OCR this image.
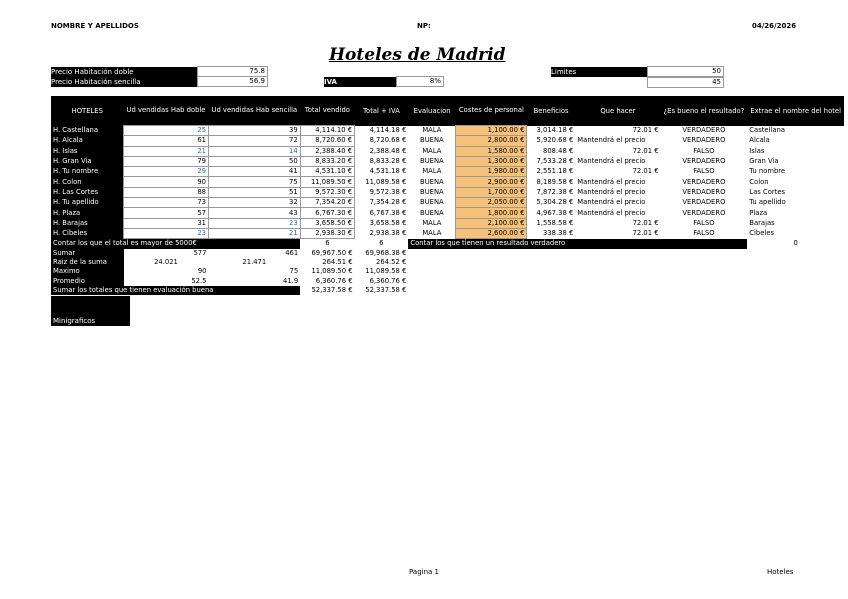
NOMBRE Y APELLIDOS	NP:	04/26/2026
Hoteles de Madrid
Precio Habitación doble	75.8
Precio Habitación sencilla	56.9	IVA	8%
Limites	50
45
HOTELES	Ud vendidas Hab doble	Ud vendidas Hab sencilla	Total vendido	Total + IVA	Evaluacion	Costes de personal	Beneficios	Que hacer	¿Es bueno el resultado?	Extrae el nombre del hotel	
H. Castellana	25	39	4,114.10 €	4,114.18 €	MALA	1,100.00 €	3,014.18 €	72.01 €	VERDADERO	Castellana	
H. Alcala	61	72	8,720.60 €	8,720.68 €	BUENA	2,800.00 €	5,920.68 €	Mantendrá el precio	VERDADERO	Alcala	
H. Islas	21	14	2,388.40 €	2,388.48 €	MALA	1,580.00 €	808.48 €	72.01 €	FALSO	Islas	
H. Gran Via	79	50	8,833.20 €	8,833.28 €	BUENA	1,300.00 €	7,533.28 €	Mantendrá el precio	VERDADERO	Gran Via	
H. Tu nombre	29	41	4,531.10 €	4,531.18 €	MALA	1,980.00 €	2,551.18 €	72.01 €	FALSO	Tu nombre	
H. Colon	90	75	11,089.50 €	11,089.58 €	BUENA	2,900.00 €	8,189.58 €	Mantendrá el precio	VERDADERO	Colon	
H. Las Cortes	88	51	9,572.30 €	9,572.38 €	BUENA	1,700.00 €	7,872.38 €	Mantendrá el precio	VERDADERO	Las Cortes	
H. Tu apellido	73	32	7,354.20 €	7,354.28 €	BUENA	2,050.00 €	5,304.28 €	Mantendrá el precio	VERDADERO	Tu apellido	
H. Plaza	57	43	6,767.30 €	6,767.38 €	BUENA	1,800.00 €	4,967.38 €	Mantendrá el precio	VERDADERO	Plaza	
H. Barajas	31	23	3,658.50 €	3,658.58 €	MALA	2,100.00 €	1,558.58 €	72.01 €	FALSO	Barajas	
H. Cibeles	23	21	2,938.30 €	2,938.38 €	MALA	2,600.00 €	338.38 €	72.01 €	FALSO	Cibeles	
Contar los que el total es mayor de 5000€			6	6	Contar los que tienen un resultado verdadero					0	
Sumar	577	461	69,967.50 €	69,968.38 €							
Raiz de la suma	24.021	21.471	264.51 €	264.52 €							
Maximo	90	75	11,089.50 €	11,089.58 €							
Promedio	52.5	41.9	6,360.76 €	6,360.76 €							
Sumar los totales que tienen evaluación buena			52,337.58 €	52,337.58 €							
Minigraficos
Pagina 1	Hoteles
